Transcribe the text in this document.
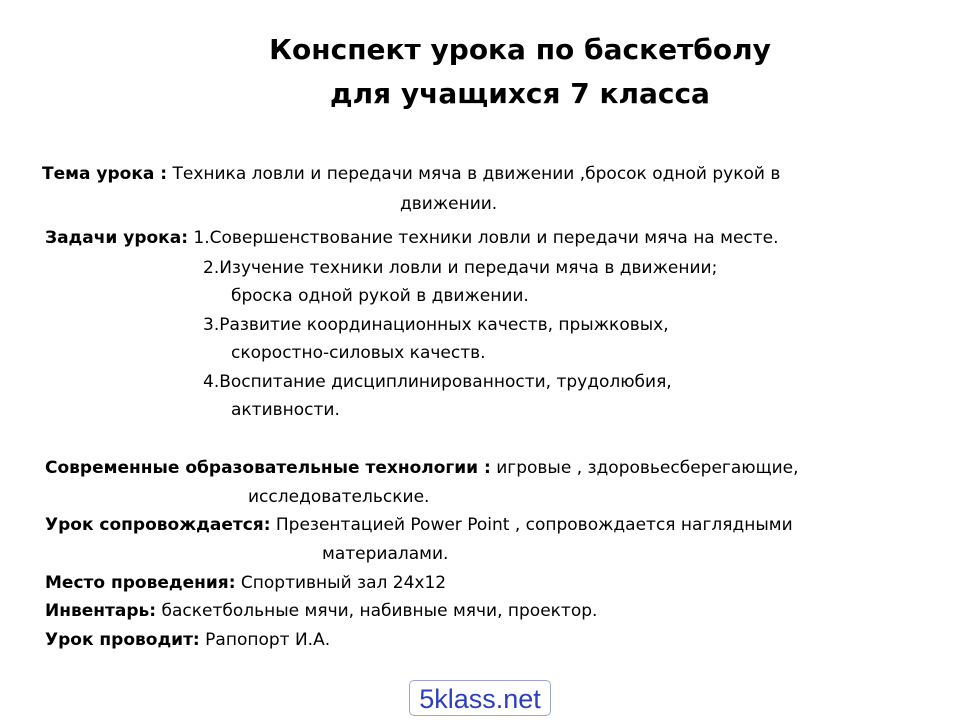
Конспект урока по баскетболу
для учащихся 7 класса
Тема урока : Техника ловли и передачи мяча в движении ,бросок одной рукой в
движении.
Задачи урока: 1.Совершенствование техники ловли и передачи мяча на месте.
2.Изучение техники ловли и передачи мяча в движении;
броска одной рукой в движении.
3.Развитие координационных качеств, прыжковых,
скоростно-силовых качеств.
4.Воспитание дисциплинированности, трудолюбия,
активности.
Современные образовательные технологии : игровые , здоровьесберегающие,
исследовательские.
Урок сопровождается: Презентацией Power Point , сопровождается наглядными
материалами.
Место проведения: Спортивный зал 24х12
Инвентарь: баскетбольные мячи, набивные мячи, проектор.
Урок проводит: Рапопорт И.А.
5klass.net
